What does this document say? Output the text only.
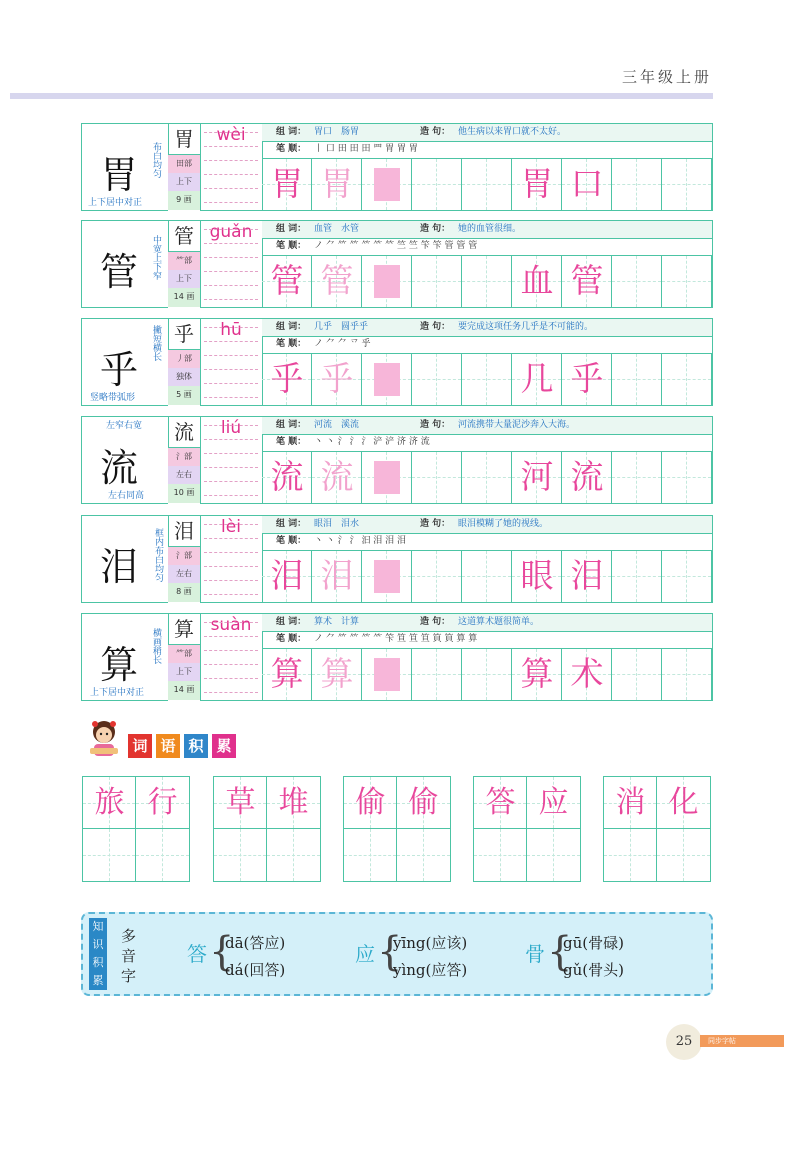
三年级上册
胃 布白均匀
上下居中对正
胃
田部
上下
9 画
wèi	组 词： 胃口　肠胃	造 句： 他生病以来胃口就不太好。
笔 顺： 丨 口 田 田 田 罒 胃 胃 胃
胃 胃	胃 口
管 中宽上下窄 管
⺮部
上下
14 画
guǎn	组 词： 血管　水管	造 句： 她的血管很细。
笔 顺： ノ ⺈ ⺮ ⺮ ⺮ ⺮ 𥫗 竺 竺 笇 笇 管 管 管
管 管	血 管
乎
撇短横长
竖略带弧形
乎
丿部
独体
5 画
hū	组 词： 几乎　圆乎乎	造 句： 要完成这项任务几乎是不可能的。
笔 顺： ノ ⺈ ⺈ 乊 乎
乎 乎	几 乎
流
左窄右宽
左右同高
流
氵部
左右
10 画
liú	组 词： 河流　溪流	造 句： 河流携带大量泥沙奔入大海。
笔 顺： 丶 丶 氵 氵 氵 浐 浐 济 济 流
流 流	河 流
泪 框内布白均匀 泪
氵部
左右
8 画
lèi	组 词： 眼泪　泪水	造 句： 眼泪模糊了她的视线。
笔 顺： 丶 丶 氵 氵 汩 泪 泪 泪
泪 泪	眼 泪
算 横画稍长
上下居中对正
算
⺮部
上下
14 画
suàn	组 词： 算术　计算	造 句： 这道算术题很简单。
笔 顺： ノ ⺈ ⺮ ⺮ ⺮ ⺮ 笇 笪 笪 笪 筫 筫 算 算
算 算	算 术
词 语 积 累
旅 行	草 堆	偷 偷	答 应	消 化
知识积累
多音字
答 {
dā(答应)
dá(回答)
应 {
yīng(应该)
yìng(应答)
骨 {
gū(骨碌)
gǔ(骨头)
25	同步字帖
